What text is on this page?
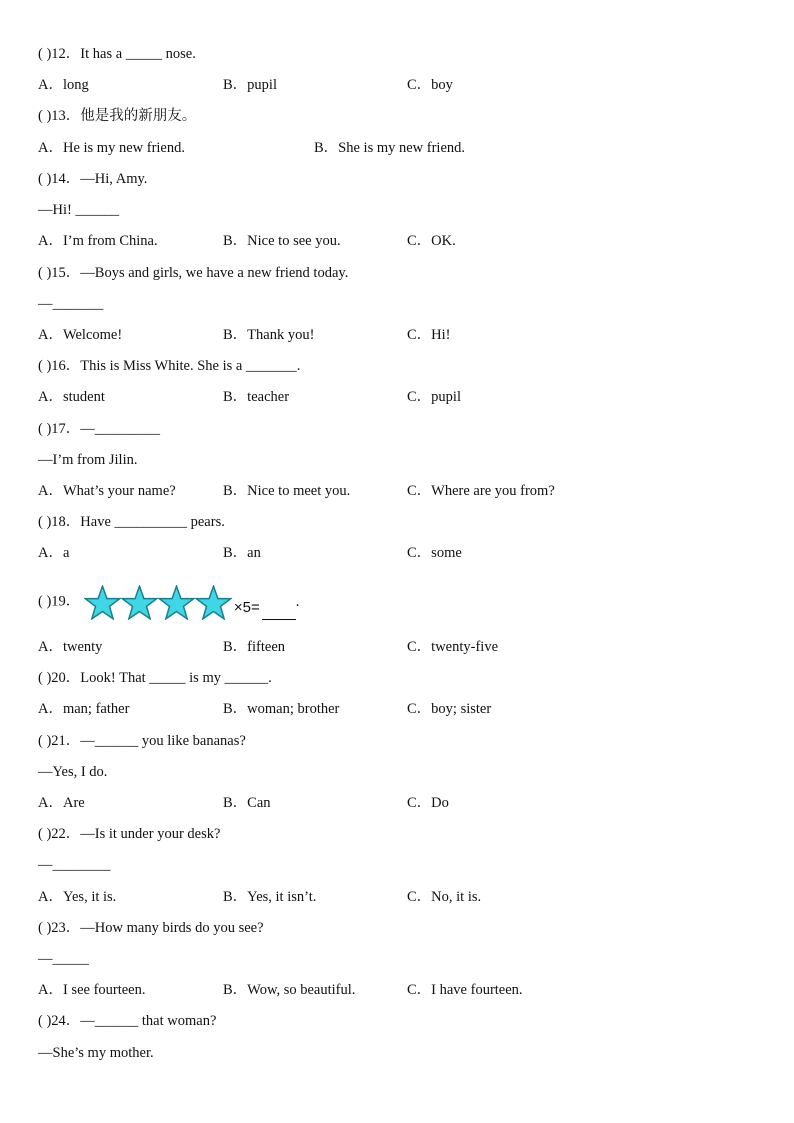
( )12．It has a _____ nose.
A．long	B．pupil	C．boy
( )13．他是我的新朋友。
A．He is my new friend.	B．She is my new friend.
( )14．—Hi, Amy.
—Hi! ______
A．I’m from China.	B．Nice to see you.	C．OK.
( )15．—Boys and girls, we have a new friend today.
—_______
A．Welcome!	B．Thank you!	C．Hi!
( )16．This is Miss White. She is a _______.
A．student	B．teacher	C．pupil
( )17．—_________
—I’m from Jilin.
A．What’s your name?	B．Nice to meet you.	C．Where are you from?
( )18．Have __________ pears.
A．a	B．an	C．some
( )19．	×5= .
A．twenty	B．fifteen	C．twenty-five
( )20．Look! That _____ is my ______.
A．man; father	B．woman; brother	C．boy; sister
( )21．—______ you like bananas?
—Yes, I do.
A．Are	B．Can	C．Do
( )22．—Is it under your desk?
—________
A．Yes, it is.	B．Yes, it isn’t.	C．No, it is.
( )23．—How many birds do you see?
—_____
A．I see fourteen.	B．Wow, so beautiful.	C．I have fourteen.
( )24．—______ that woman?
—She’s my mother.
